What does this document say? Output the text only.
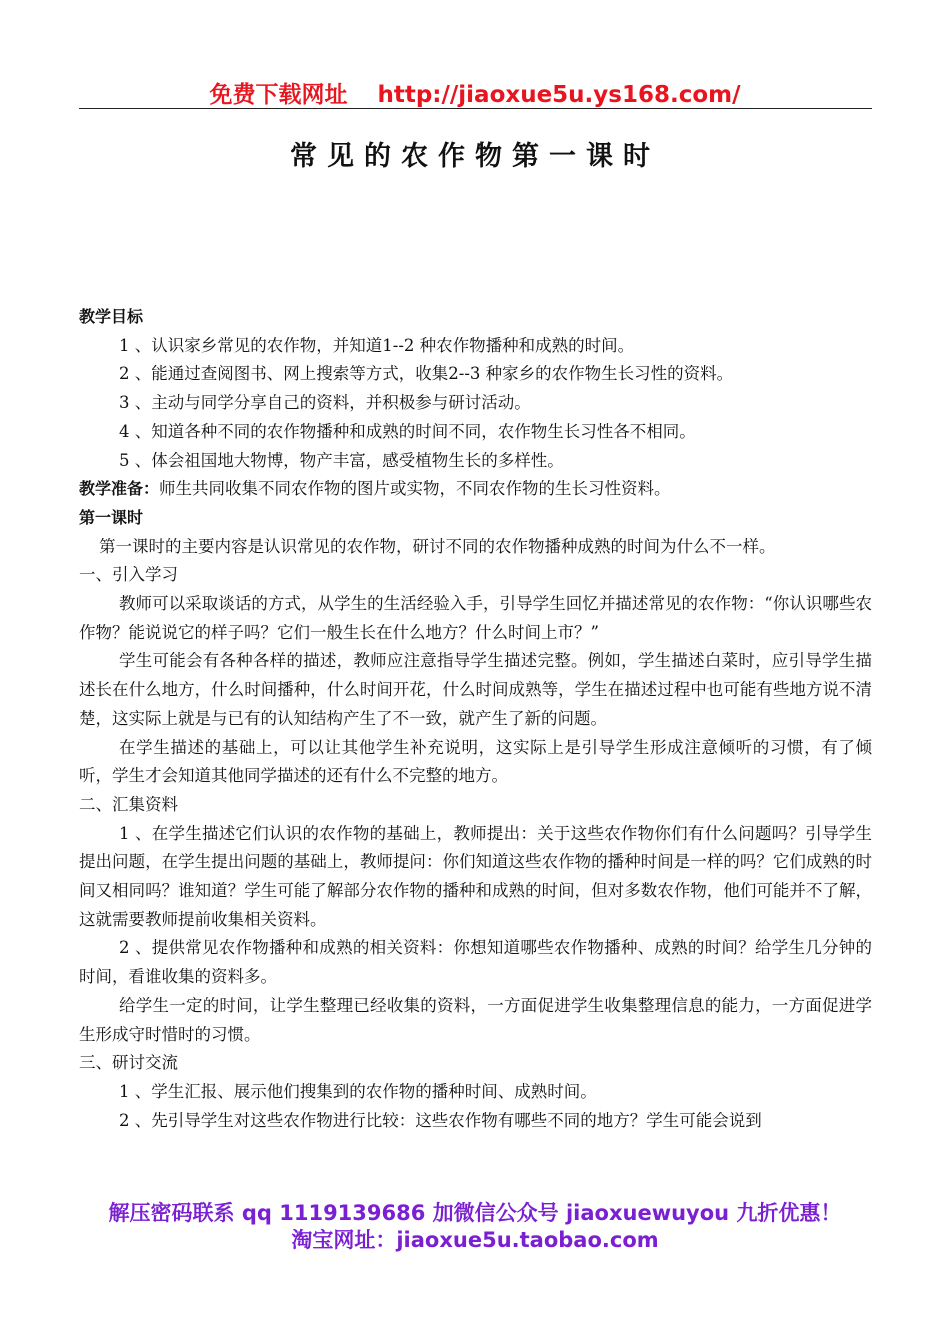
免费下载网址 http://jiaoxue5u.ys168.com/
常见的农作物第一课时

教学目标

1 、认识家乡常见的农作物，并知道1--2 种农作物播种和成熟的时间。

2 、能通过查阅图书、网上搜索等方式，收集2--3 种家乡的农作物生长习性的资料。

3 、主动与同学分享自己的资料，并积极参与研讨活动。

4 、知道各种不同的农作物播种和成熟的时间不同，农作物生长习性各不相同。

5 、体会祖国地大物博，物产丰富，感受植物生长的多样性。

教学准备：师生共同收集不同农作物的图片或实物，不同农作物的生长习性资料。

第一课时

第一课时的主要内容是认识常见的农作物，研讨不同的农作物播种成熟的时间为什么不一样。

一、引入学习

教师可以采取谈话的方式，从学生的生活经验入手，引导学生回忆并描述常见的农作物：“你认识哪些农作物？能说说它的样子吗？它们一般生长在什么地方？什么时间上市？”

学生可能会有各种各样的描述，教师应注意指导学生描述完整。例如，学生描述白菜时，应引导学生描述长在什么地方，什么时间播种，什么时间开花，什么时间成熟等，学生在描述过程中也可能有些地方说不清楚，这实际上就是与已有的认知结构产生了不一致，就产生了新的问题。

在学生描述的基础上，可以让其他学生补充说明，这实际上是引导学生形成注意倾听的习惯，有了倾听，学生才会知道其他同学描述的还有什么不完整的地方。

二、汇集资料

1 、在学生描述它们认识的农作物的基础上，教师提出：关于这些农作物你们有什么问题吗？引导学生提出问题，在学生提出问题的基础上，教师提问：你们知道这些农作物的播种时间是一样的吗？它们成熟的时间又相同吗？谁知道？学生可能了解部分农作物的播种和成熟的时间，但对多数农作物，他们可能并不了解，这就需要教师提前收集相关资料。

2 、提供常见农作物播种和成熟的相关资料：你想知道哪些农作物播种、成熟的时间？给学生几分钟的时间，看谁收集的资料多。

给学生一定的时间，让学生整理已经收集的资料，一方面促进学生收集整理信息的能力，一方面促进学生形成守时惜时的习惯。

三、研讨交流

1 、学生汇报、展示他们搜集到的农作物的播种时间、成熟时间。

2 、先引导学生对这些农作物进行比较：这些农作物有哪些不同的地方？学生可能会说到

解压密码联系 qq 1119139686 加微信公众号 jiaoxuewuyou 九折优惠！
淘宝网址：jiaoxue5u.taobao.com
